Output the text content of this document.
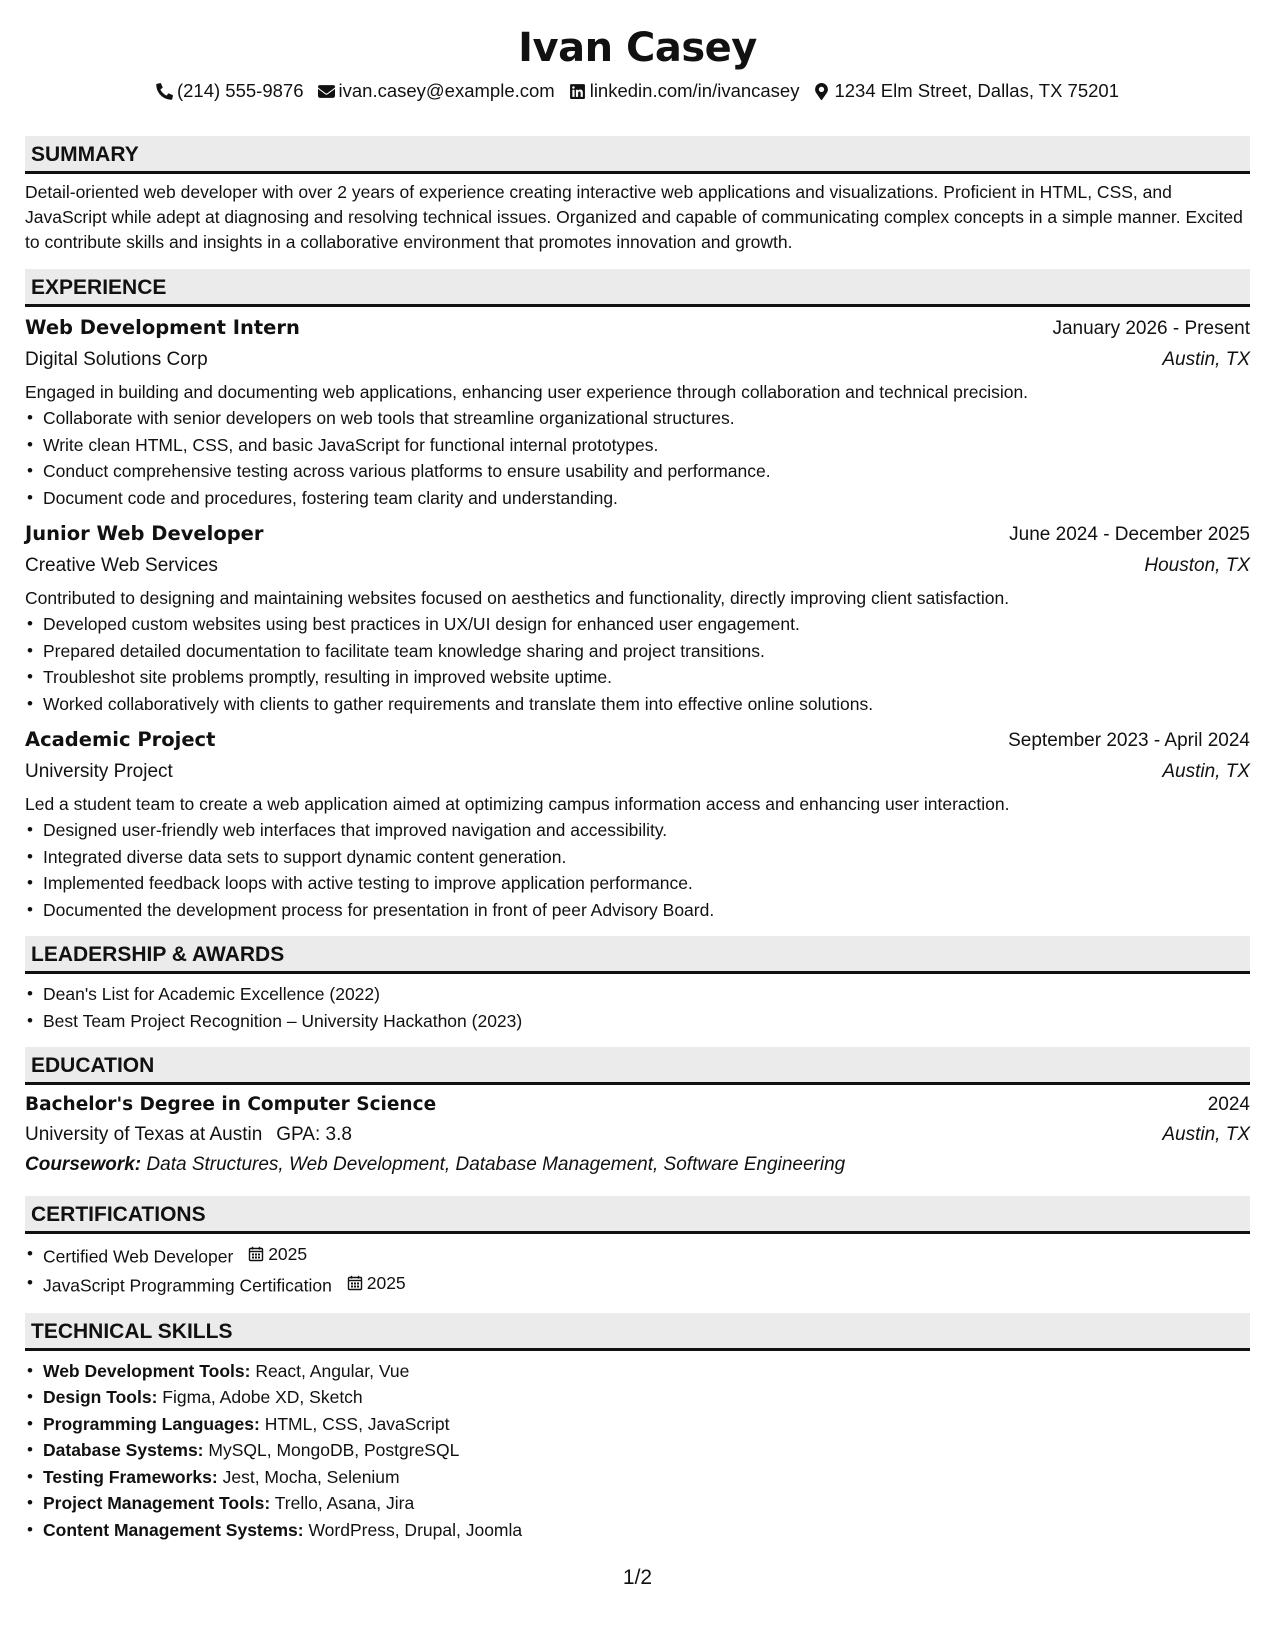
Ivan Casey
(214) 555-9876 ivan.casey@example.com linkedin.com/in/ivancasey 1234 Elm Street, Dallas, TX 75201
SUMMARY

Detail-oriented web developer with over 2 years of experience creating interactive web applications and visualizations. Proficient in HTML, CSS, and JavaScript while adept at diagnosing and resolving technical issues. Organized and capable of communicating complex concepts in a simple manner. Excited to contribute skills and insights in a collaborative environment that promotes innovation and growth.

EXPERIENCE
Web Development Intern	January 2026 - Present
Digital Solutions Corp	Austin, TX

Engaged in building and documenting web applications, enhancing user experience through collaboration and technical precision.

• Collaborate with senior developers on web tools that streamline organizational structures.
• Write clean HTML, CSS, and basic JavaScript for functional internal prototypes.
• Conduct comprehensive testing across various platforms to ensure usability and performance.
• Document code and procedures, fostering team clarity and understanding.
Junior Web Developer	June 2024 - December 2025
Creative Web Services	Houston, TX

Contributed to designing and maintaining websites focused on aesthetics and functionality, directly improving client satisfaction.

• Developed custom websites using best practices in UX/UI design for enhanced user engagement.
• Prepared detailed documentation to facilitate team knowledge sharing and project transitions.
• Troubleshot site problems promptly, resulting in improved website uptime.
• Worked collaboratively with clients to gather requirements and translate them into effective online solutions.
Academic Project	September 2023 - April 2024
University Project	Austin, TX

Led a student team to create a web application aimed at optimizing campus information access and enhancing user interaction.

• Designed user-friendly web interfaces that improved navigation and accessibility.
• Integrated diverse data sets to support dynamic content generation.
• Implemented feedback loops with active testing to improve application performance.
• Documented the development process for presentation in front of peer Advisory Board.
LEADERSHIP & AWARDS
• Dean's List for Academic Excellence (2022)
• Best Team Project Recognition – University Hackathon (2023)
EDUCATION
Bachelor's Degree in Computer Science	2024
University of Texas at Austin GPA: 3.8	Austin, TX
Coursework: Data Structures, Web Development, Database Management, Software Engineering
CERTIFICATIONS
• Certified Web Developer 2025
• JavaScript Programming Certification 2025
TECHNICAL SKILLS
• Web Development Tools: React, Angular, Vue
• Design Tools: Figma, Adobe XD, Sketch
• Programming Languages: HTML, CSS, JavaScript
• Database Systems: MySQL, MongoDB, PostgreSQL
• Testing Frameworks: Jest, Mocha, Selenium
• Project Management Tools: Trello, Asana, Jira
• Content Management Systems: WordPress, Drupal, Joomla
1/2
